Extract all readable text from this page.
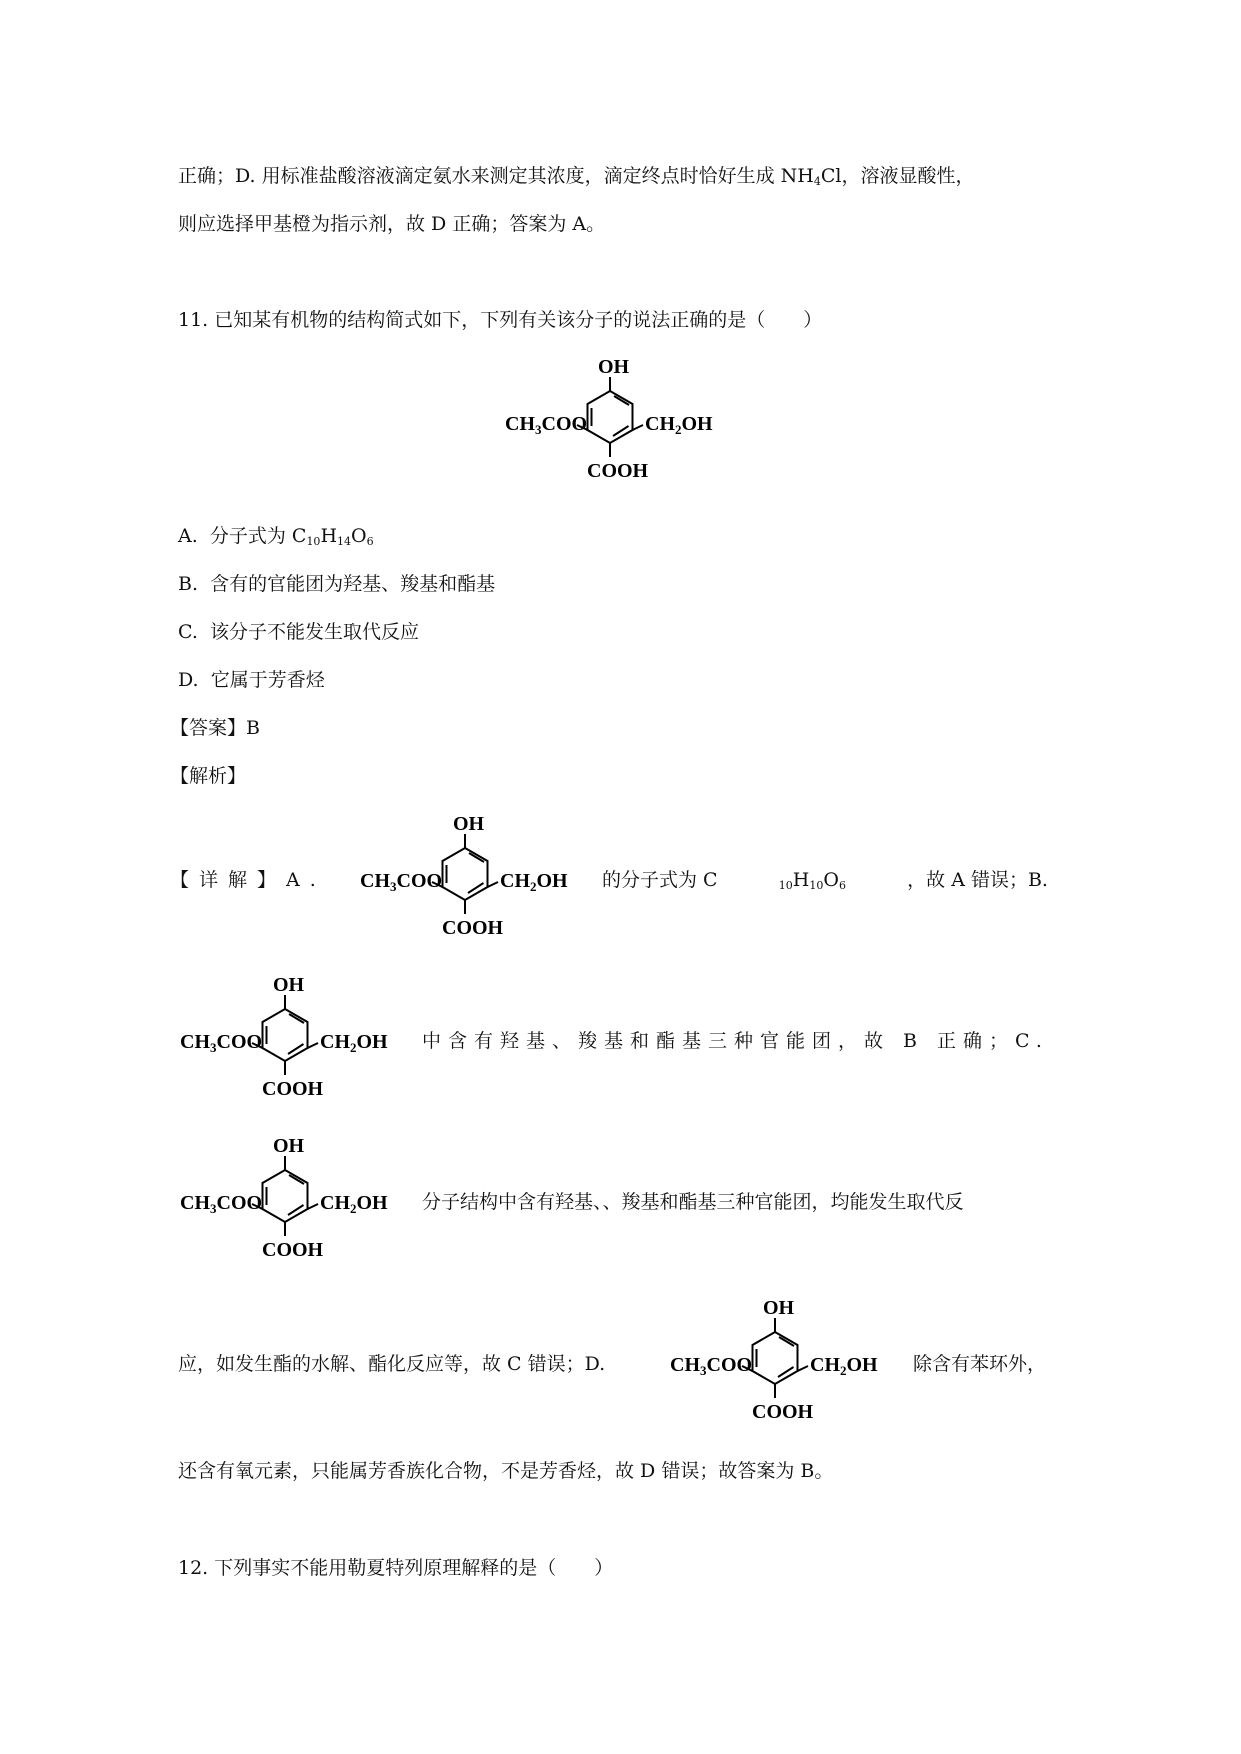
正确；D. 用标准盐酸溶液滴定氨水来测定其浓度，滴定终点时恰好生成 $NH_4Cl$，溶液显酸性，
则应选择甲基橙为指示剂，故 D 正确；答案为 A。
11. 已知某有机物的结构简式如下，下列有关该分子的说法正确的是（　　）
OH
$CH_3COO$	$CH_2OH$
COOH
A. 分子式为 $C_{10}H_{14}O_6$
B. 含有的官能团为羟基、羧基和酯基
C. 该分子不能发生取代反应
D. 它属于芳香烃
【答案】B
【解析】
【详解】A.
OH
$CH_3COO$	$CH_2OH$
COOH
的分子式为 C	$_{10}H_{10}O_6$	，故 A 错误；B.
OH
$CH_3COO$	$CH_2OH$
COOH
中含有羟基、羧基和酯基三种官能团，故 B 正确；C.
OH
$CH_3COO$	$CH_2OH$
COOH
分子结构中含有羟基、、羧基和酯基三种官能团，均能发生取代反
应，如发生酯的水解、酯化反应等，故 C 错误；D.
OH
$CH_3COO$	$CH_2OH$
COOH
除含有苯环外，
还含有氧元素，只能属芳香族化合物，不是芳香烃，故 D 错误；故答案为 B。
12. 下列事实不能用勒夏特列原理解释的是（　　）
